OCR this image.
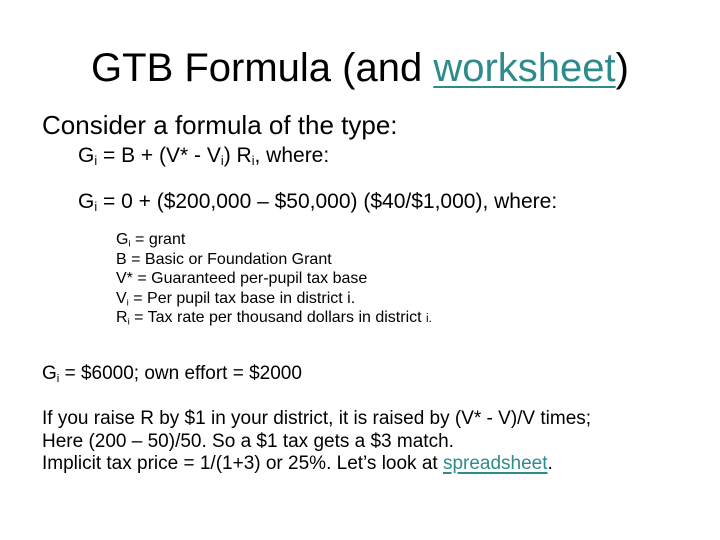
GTB Formula (and worksheet)
Consider a formula of the type:
$G_i = B + (V* - V_i)$ $R_i$, where:
$G_i = 0$ + ($200,000 – $50,000) ($40/$1,000), where:
$G_i$ = grant
B = Basic or Foundation Grant
V* = Guaranteed per-pupil tax base
$V_i$ = Per pupil tax base in district i.
$R_i$ = Tax rate per thousand dollars in district i.
$G_i$ = $6000; own effort = $2000
If you raise R by $1 in your district, it is raised by (V* - V)/V times;
Here (200 – 50)/50. So a $1 tax gets a $3 match.
Implicit tax price = 1/(1+3) or 25%. Let’s look at spreadsheet.
